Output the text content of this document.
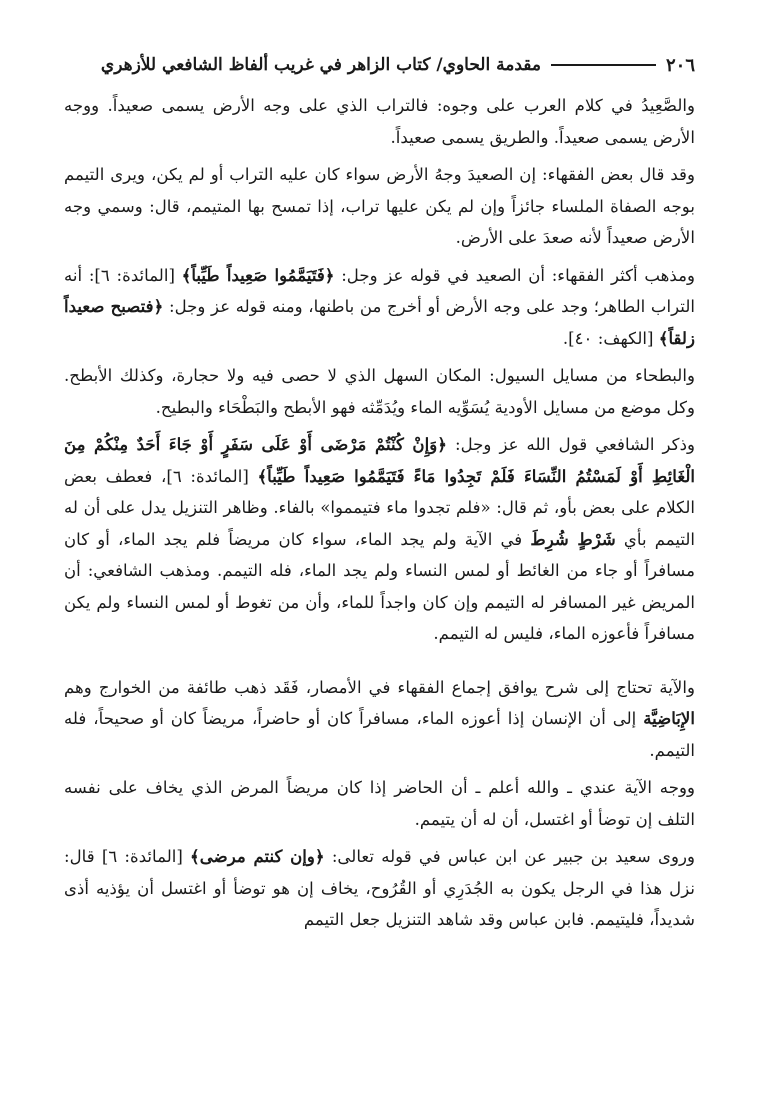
٢٠٦
مقدمة الحاوي/ كتاب الزاهر في غريب ألفاظ الشافعي للأزهري

والصَّعِيدُ في كلام العرب على وجوه: فالتراب الذي على وجه الأرض يسمى صعيداً. ووجه الأرض يسمى صعيداً. والطريق يسمى صعيداً.

وقد قال بعض الفقهاء: إن الصعيدَ وجهُ الأرض سواء كان عليه التراب أو لم يكن، ويرى التيمم بوجه الصفاة الملساء جائزاً وإن لم يكن عليها تراب، إذا تمسح بها المتيمم، قال: وسمي وجه الأرض صعيداً لأنه صعدَ على الأرض.

ومذهب أكثر الفقهاء: أن الصعيد في قوله عز وجل: ﴿فَتَيَمَّمُوا صَعِيداً طَيِّباً﴾ [المائدة: ٦]: أنه التراب الطاهر؛ وجد على وجه الأرض أو أخرج من باطنها، ومنه قوله عز وجل: ﴿فتصبح صعيداً زلقاً﴾ [الكهف: ٤٠].

والبطحاء من مسايل السيول: المكان السهل الذي لا حصى فيه ولا حجارة، وكذلك الأبطح. وكل موضع من مسايل الأودية يُسَوِّيه الماء ويُدَمِّثه فهو الأبطح والبَطْحَاء والبطيح.

وذكر الشافعي قول الله عز وجل: ﴿وَإِنْ كُنْتُمْ مَرْضَى أَوْ عَلَى سَفَرٍ أَوْ جَاءَ أَحَدٌ مِنْكُمْ مِنَ الْغَائِطِ أَوْ لَمَسْتُمُ النِّسَاءَ فَلَمْ تَجِدُوا مَاءً فَتَيَمَّمُوا صَعِيداً طَيِّباً﴾ [المائدة: ٦]، فعطف بعض الكلام على بعض بأو، ثم قال: «فلم تجدوا ماء فتيمموا» بالفاء. وظاهر التنزيل يدل على أن له التيمم بأي شَرْطٍ شُرِطَ في الآية ولم يجد الماء، سواء كان مريضاً فلم يجد الماء، أو كان مسافراً أو جاء من الغائط أو لمس النساء ولم يجد الماء، فله التيمم. ومذهب الشافعي: أن المريض غير المسافر له التيمم وإن كان واجداً للماء، وأن من تغوط أو لمس النساء ولم يكن مسافراً فأعوزه الماء، فليس له التيمم.

والآية تحتاج إلى شرح يوافق إجماع الفقهاء في الأمصار، فَقَد ذهب طائفة من الخوارج وهم الإِبَاضِيَّة إلى أن الإنسان إذا أعوزه الماء، مسافراً كان أو حاضراً، مريضاً كان أو صحيحاً، فله التيمم.

ووجه الآية عندي ـ والله أعلم ـ أن الحاضر إذا كان مريضاً المرض الذي يخاف على نفسه التلف إن توضأ أو اغتسل، أن له أن يتيمم.

وروى سعيد بن جبير عن ابن عباس في قوله تعالى: ﴿وإن كنتم مرضى﴾ [المائدة: ٦] قال: نزل هذا في الرجل يكون به الجُدَرِي أو القُرُوح، يخاف إن هو توضأ أو اغتسل أن يؤذيه أذى شديداً، فليتيمم. فابن عباس وقد شاهد التنزيل جعل التيمم
